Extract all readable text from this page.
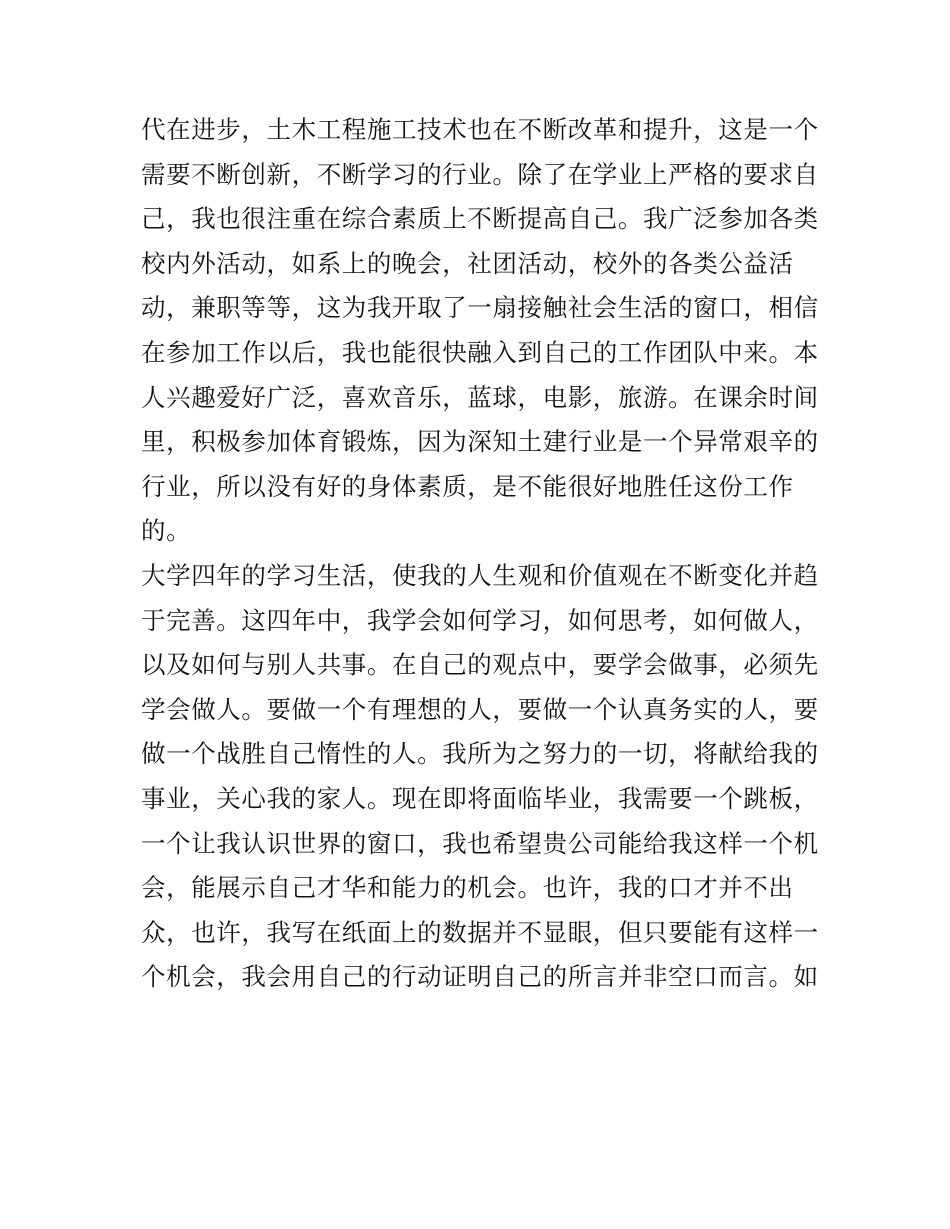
代在进步，土木工程施工技术也在不断改革和提升，这是一个
需要不断创新，不断学习的行业。除了在学业上严格的要求自
己，我也很注重在综合素质上不断提高自己。我广泛参加各类
校内外活动，如系上的晚会，社团活动，校外的各类公益活
动，兼职等等，这为我开取了一扇接触社会生活的窗口，相信
在参加工作以后，我也能很快融入到自己的工作团队中来。本
人兴趣爱好广泛，喜欢音乐，蓝球，电影，旅游。在课余时间
里，积极参加体育锻炼，因为深知土建行业是一个异常艰辛的
行业，所以没有好的身体素质，是不能很好地胜任这份工作
的。
大学四年的学习生活，使我的人生观和价值观在不断变化并趋
于完善。这四年中，我学会如何学习，如何思考，如何做人，
以及如何与别人共事。在自己的观点中，要学会做事，必须先
学会做人。要做一个有理想的人，要做一个认真务实的人，要
做一个战胜自己惰性的人。我所为之努力的一切，将献给我的
事业，关心我的家人。现在即将面临毕业，我需要一个跳板，
一个让我认识世界的窗口，我也希望贵公司能给我这样一个机
会，能展示自己才华和能力的机会。也许，我的口才并不出
众，也许，我写在纸面上的数据并不显眼，但只要能有这样一
个机会，我会用自己的行动证明自己的所言并非空口而言。如
